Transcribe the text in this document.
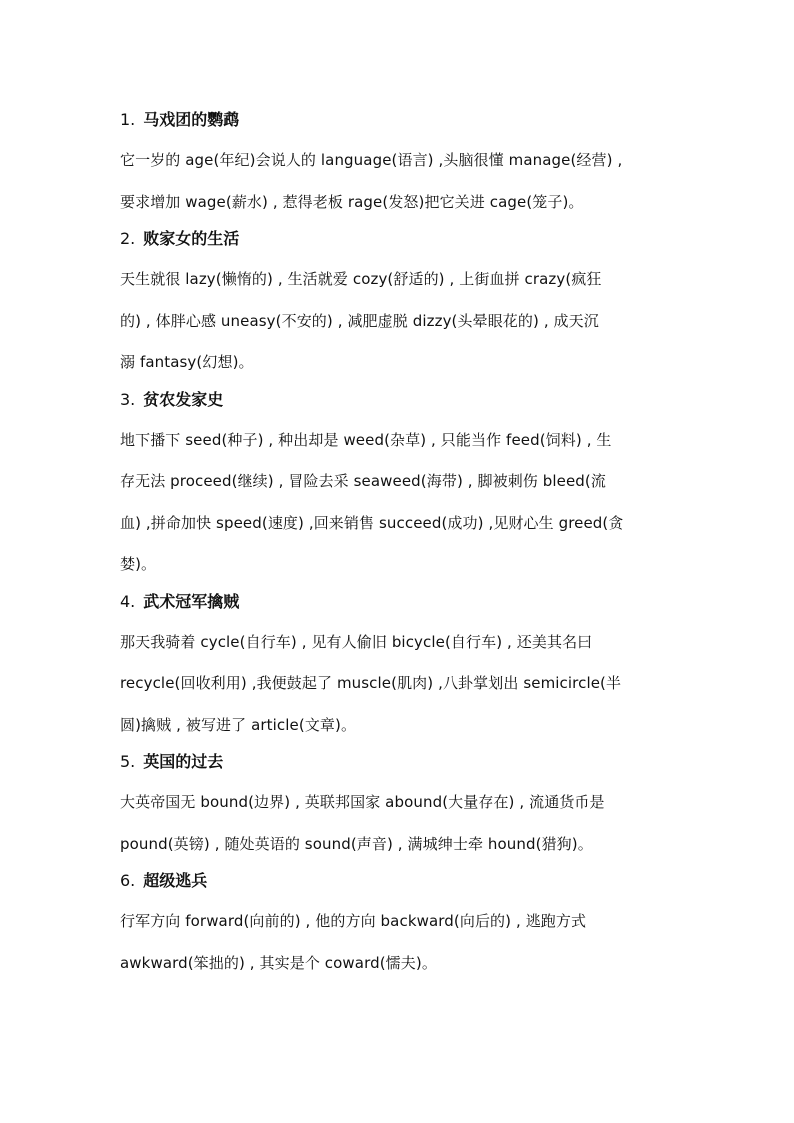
1. 马戏团的鹦鹉

它一岁的 age(年纪)会说人的 language(语言) ,头脑很懂 manage(经营) ,
要求增加 wage(薪水) , 惹得老板 rage(发怒)把它关进 cage(笼子)。

2. 败家女的生活

天生就很 lazy(懒惰的) , 生活就爱 cozy(舒适的) , 上街血拼 crazy(疯狂
的) , 体胖心感 uneasy(不安的) , 减肥虚脱 dizzy(头晕眼花的) , 成天沉
溺 fantasy(幻想)。

3. 贫农发家史

地下播下 seed(种子) , 种出却是 weed(杂草) , 只能当作 feed(饲料) , 生
存无法 proceed(继续) , 冒险去采 seaweed(海带) , 脚被刺伤 bleed(流
血) ,拼命加快 speed(速度) ,回来销售 succeed(成功) ,见财心生 greed(贪
婪)。

4. 武术冠军擒贼

那天我骑着 cycle(自行车) , 见有人偷旧 bicycle(自行车) , 还美其名曰
recycle(回收利用) ,我便鼓起了 muscle(肌肉) ,八卦掌划出 semicircle(半
圆)擒贼 , 被写进了 article(文章)。

5. 英国的过去

大英帝国无 bound(边界) , 英联邦国家 abound(大量存在) , 流通货币是
pound(英镑) , 随处英语的 sound(声音) , 满城绅士牵 hound(猎狗)。

6. 超级逃兵

行军方向 forward(向前的) , 他的方向 backward(向后的) , 逃跑方式
awkward(笨拙的) , 其实是个 coward(懦夫)。
